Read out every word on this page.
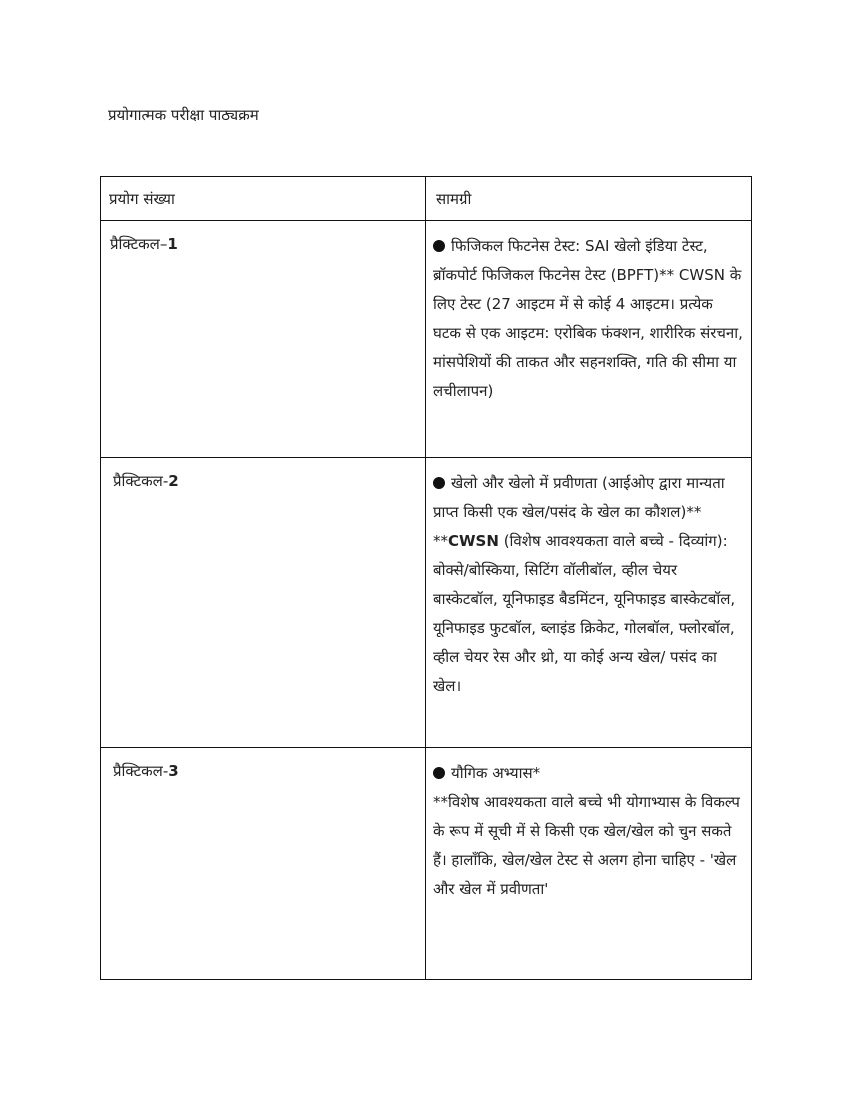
प्रयोगात्मक परीक्षा पाठ्यक्रम
प्रयोग संख्या	सामग्री

प्रैक्टिकल–1	फिजिकल फिटनेस टेस्ट: SAI खेलो इंडिया टेस्ट, ब्रॉकपोर्ट फिजिकल फिटनेस टेस्ट (BPFT)** CWSN के लिए टेस्ट (27 आइटम में से कोई 4 आइटम। प्रत्येक घटक से एक आइटम: एरोबिक फंक्शन, शारीरिक संरचना, मांसपेशियों की ताकत और सहनशक्ति, गति की सीमा या लचीलापन)

प्रैक्टिकल-2	खेलो और खेलो में प्रवीणता (आईओए द्वारा मान्यता प्राप्त किसी एक खेल/पसंद के खेल का कौशल)**
**CWSN (विशेष आवश्यकता वाले बच्चे - दिव्यांग): बोक्से/बोस्किया, सिटिंग वॉलीबॉल, व्हील चेयर बास्केटबॉल, यूनिफाइड बैडमिंटन, यूनिफाइड बास्केटबॉल, यूनिफाइड फुटबॉल, ब्लाइंड क्रिकेट, गोलबॉल, फ्लोरबॉल, व्हील चेयर रेस और थ्रो, या कोई अन्य खेल/ पसंद का खेल।

प्रैक्टिकल-3	यौगिक अभ्यास*
**विशेष आवश्यकता वाले बच्चे भी योगाभ्यास के विकल्प के रूप में सूची में से किसी एक खेल/खेल को चुन सकते हैं। हालाँकि, खेल/खेल टेस्ट से अलग होना चाहिए - 'खेल और खेल में प्रवीणता'
